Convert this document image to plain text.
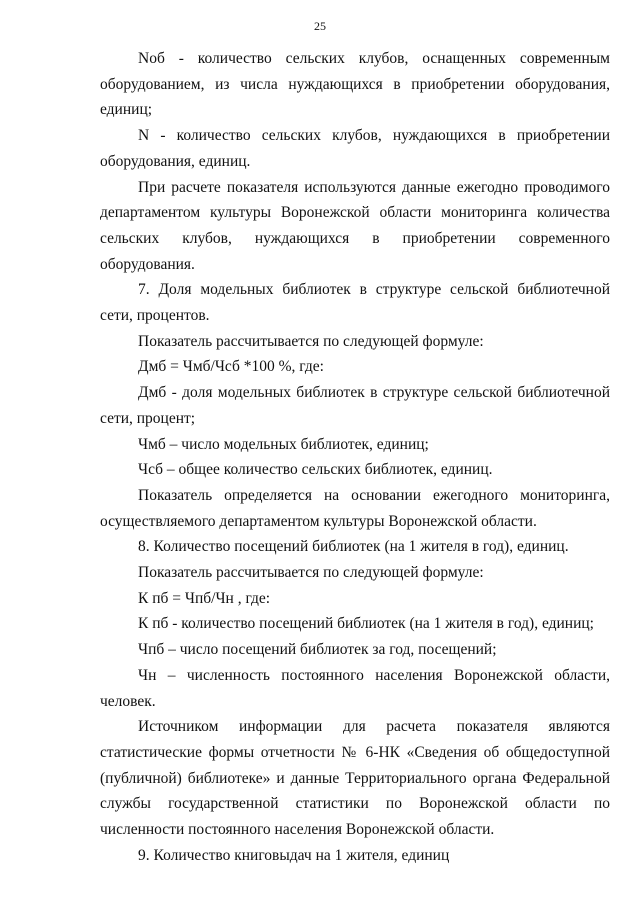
25

Nоб - количество сельских клубов, оснащенных современным оборудованием, из числа нуждающихся в приобретении оборудования, единиц;

N - количество сельских клубов, нуждающихся в приобретении оборудования, единиц.

При расчете показателя используются данные ежегодно проводимого департаментом культуры Воронежской области мониторинга количества сельских клубов, нуждающихся в приобретении современного оборудования.

7. Доля модельных библиотек в структуре сельской библиотечной сети, процентов.

Показатель рассчитывается по следующей формуле:

Дмб = Чмб/Чсб *100 %, где:

Дмб - доля модельных библиотек в структуре сельской библиотечной сети, процент;

Чмб – число модельных библиотек, единиц;

Чсб – общее количество сельских библиотек, единиц.

Показатель определяется на основании ежегодного мониторинга, осуществляемого департаментом культуры Воронежской области.

8. Количество посещений библиотек (на 1 жителя в год), единиц.

Показатель рассчитывается по следующей формуле:

К пб = Чпб/Чн , где:

К пб - количество посещений библиотек (на 1 жителя в год), единиц;

Чпб – число посещений библиотек за год, посещений;

Чн – численность постоянного населения Воронежской области, человек.

Источником информации для расчета показателя являются статистические формы отчетности № 6-НК «Сведения об общедоступной (публичной) библиотеке» и данные Территориального органа Федеральной службы государственной статистики по Воронежской области по численности постоянного населения Воронежской области.

9. Количество книговыдач на 1 жителя, единиц
